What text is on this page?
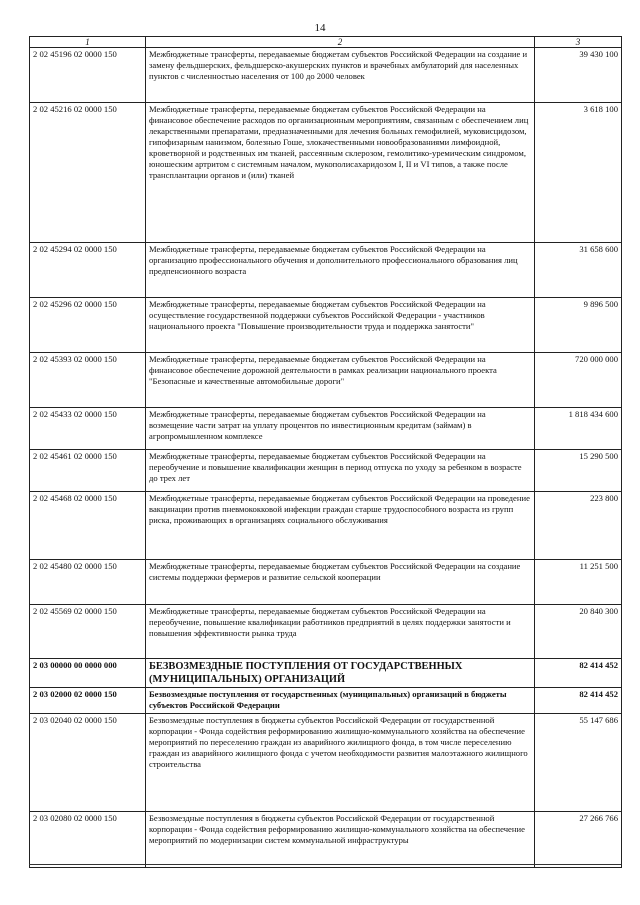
14
1	2	3
2 02 45196 02 0000 150	Межбюджетные трансферты, передаваемые бюджетам субъектов Российской Федерации на создание и замену фельдшерских, фельдшерско-акушерских пунктов и врачебных амбулаторий для населенных пунктов с численностью населения от 100 до 2000 человек	39 430 100
2 02 45216 02 0000 150	Межбюджетные трансферты, передаваемые бюджетам субъектов Российской Федерации на финансовое обеспечение расходов по организационным мероприятиям, связанным с обеспечением лиц лекарственными препаратами, предназначенными для лечения больных гемофилией, муковисцидозом, гипофизарным нанизмом, болезнью Гоше, злокачественными новообразованиями лимфоидной, кроветворной и родственных им тканей, рассеянным склерозом, гемолитико-уремическим синдромом, юношеским артритом с системным началом, мукополисахаридозом I, II и VI типов, а также после трансплантации органов и (или) тканей	3 618 100
2 02 45294 02 0000 150	Межбюджетные трансферты, передаваемые бюджетам субъектов Российской Федерации на организацию профессионального обучения и дополнительного профессионального образования лиц предпенсионного возраста	31 658 600
2 02 45296 02 0000 150	Межбюджетные трансферты, передаваемые бюджетам субъектов Российской Федерации на осуществление государственной поддержки субъектов Российской Федерации - участников национального проекта "Повышение производительности труда и поддержка занятости"	9 896 500
2 02 45393 02 0000 150	Межбюджетные трансферты, передаваемые бюджетам субъектов Российской Федерации на финансовое обеспечение дорожной деятельности в рамках реализации национального проекта "Безопасные и качественные автомобильные дороги"	720 000 000
2 02 45433 02 0000 150	Межбюджетные трансферты, передаваемые бюджетам субъектов Российской Федерации на возмещение части затрат на уплату процентов по инвестиционным кредитам (займам) в агропромышленном комплексе	1 818 434 600
2 02 45461 02 0000 150	Межбюджетные трансферты, передаваемые бюджетам субъектов Российской Федерации на переобучение и повышение квалификации женщин в период отпуска по уходу за ребенком в возрасте до трех лет	15 290 500
2 02 45468 02 0000 150	Межбюджетные трансферты, передаваемые бюджетам субъектов Российской Федерации на проведение вакцинации против пневмококковой инфекции граждан старше трудоспособного возраста из групп риска, проживающих в организациях социального обслуживания	223 800
2 02 45480 02 0000 150	Межбюджетные трансферты, передаваемые бюджетам субъектов Российской Федерации на создание системы поддержки фермеров и развитие сельской кооперации	11 251 500
2 02 45569 02 0000 150	Межбюджетные трансферты, передаваемые бюджетам субъектов Российской Федерации на переобучение, повышение квалификации работников предприятий в целях поддержки занятости и повышения эффективности рынка труда	20 840 300
2 03 00000 00 0000 000	БЕЗВОЗМЕЗДНЫЕ ПОСТУПЛЕНИЯ ОТ ГОСУДАРСТВЕННЫХ (МУНИЦИПАЛЬНЫХ) ОРГАНИЗАЦИЙ	82 414 452
2 03 02000 02 0000 150	Безвозмездные поступления от государственных (муниципальных) организаций в бюджеты субъектов Российской Федерации	82 414 452
2 03 02040 02 0000 150	Безвозмездные поступления в бюджеты субъектов Российской Федерации от государственной корпорации - Фонда содействия реформированию жилищно-коммунального хозяйства на обеспечение мероприятий по переселению граждан из аварийного жилищного фонда, в том числе переселению граждан из аварийного жилищного фонда с учетом необходимости развития малоэтажного жилищного строительства	55 147 686
2 03 02080 02 0000 150	Безвозмездные поступления в бюджеты субъектов Российской Федерации от государственной корпорации - Фонда содействия реформированию жилищно-коммунального хозяйства на обеспечение мероприятий по модернизации систем коммунальной инфраструктуры	27 266 766
